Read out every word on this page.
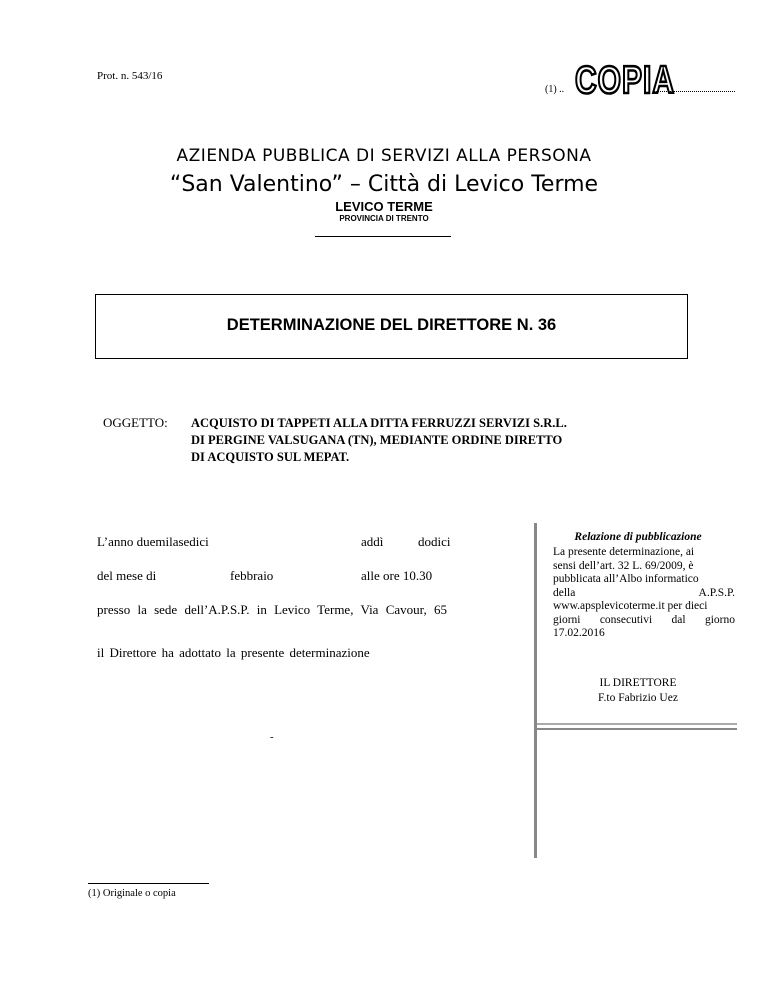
Prot. n. 543/16
(1) .. COPIA
AZIENDA PUBBLICA DI SERVIZI ALLA PERSONA
“San Valentino” – Città di Levico Terme
LEVICO TERME
PROVINCIA DI TRENTO
DETERMINAZIONE DEL DIRETTORE N. 36
OGGETTO: ACQUISTO DI TAPPETI ALLA DITTA FERRUZZI SERVIZI S.R.L.
DI PERGINE VALSUGANA (TN), MEDIANTE ORDINE DIRETTO
DI ACQUISTO SUL MEPAT.
L’anno duemilasedici	addì	dodici
del mese di	febbraio	alle ore 10.30
presso la sede dell’A.P.S.P. in Levico Terme, Via Cavour, 65
il Direttore ha adottato la presente determinazione
-
Relazione di pubblicazione
La presente determinazione, ai
sensi dell’art. 32 L. 69/2009, è
pubblicata all’Albo informatico
della A.P.S.P.
www.apsplevicoterme.it per dieci
giorni consecutivi dal giorno
17.02.2016
IL DIRETTORE
F.to Fabrizio Uez
(1) Originale o copia
